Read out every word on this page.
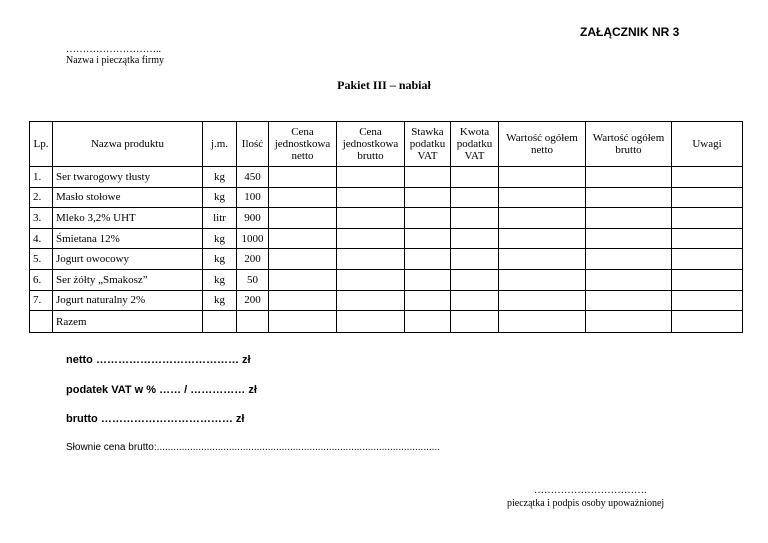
ZAŁĄCZNIK NR 3
………………………..
Nazwa i pieczątka firmy
Pakiet III – nabiał
Lp.	Nazwa produktu	j.m.	Ilość	Cena jednostkowa netto	Cena jednostkowa brutto	Stawka podatku VAT	Kwota podatku VAT	Wartość ogółem netto	Wartość ogółem brutto	Uwagi
1.	Ser twarogowy tłusty	kg	450							
2.	Masło stołowe	kg	100							
3.	Mleko 3,2% UHT	litr	900							
4.	Śmietana 12%	kg	1000							
5.	Jogurt owocowy	kg	200							
6.	Ser żółty „Smakosz”	kg	50							
7.	Jogurt naturalny 2%	kg	200							
	Razem									
netto ………………………………… zł
podatek VAT w % …… / …………… zł
brutto ……………………………… zł
Słownie cena brutto:......................................................................................................
…………………………….
pieczątka i podpis osoby upoważnionej
